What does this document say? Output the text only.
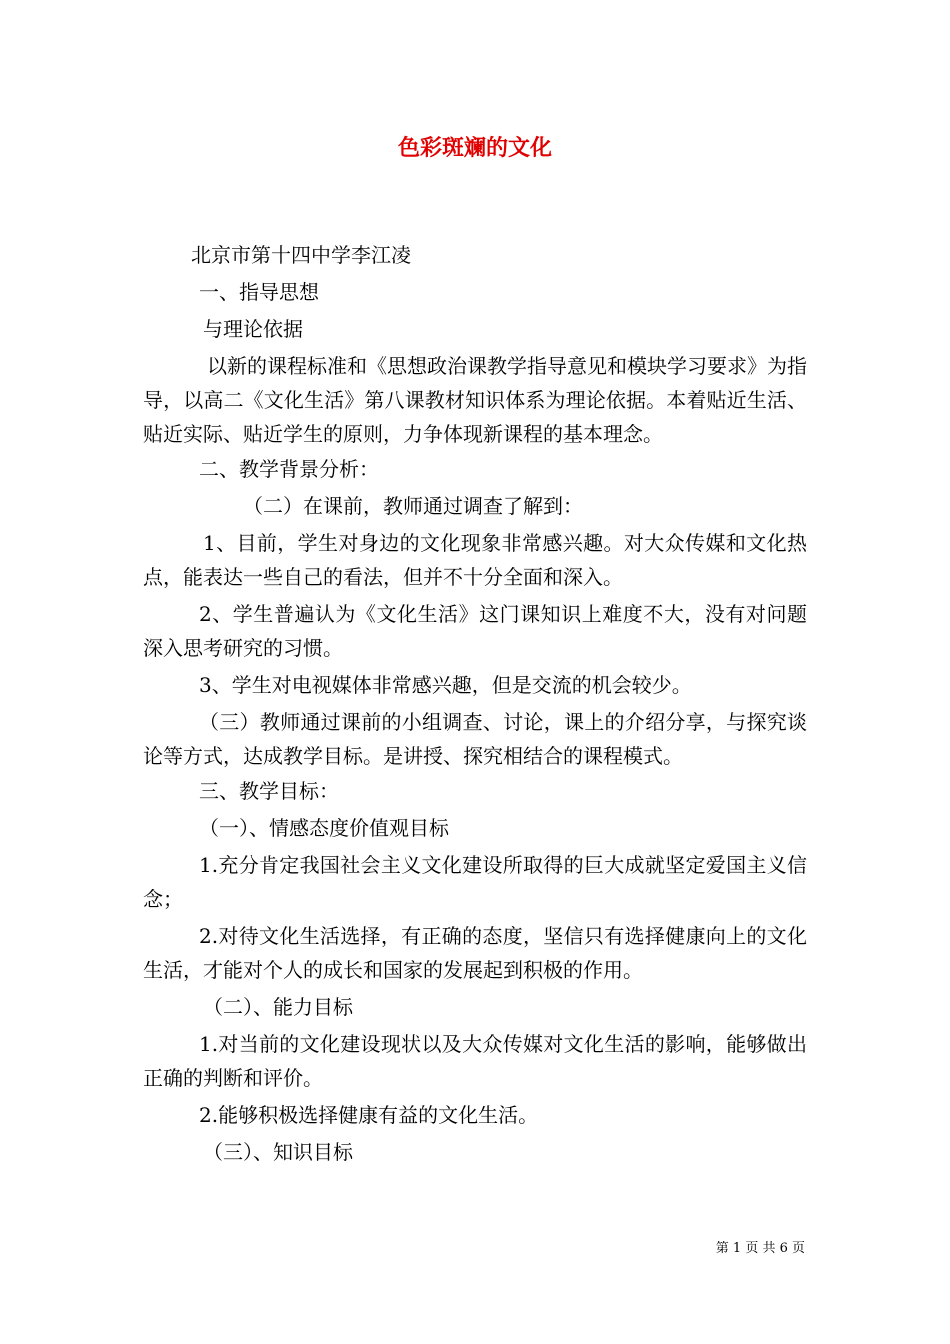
色彩斑斓的文化

北京市第十四中学李江凌

一、指导思想

与理论依据

以新的课程标准和《思想政治课教学指导意见和模块学习要求》为指导，以高二《文化生活》第八课教材知识体系为理论依据。本着贴近生活、贴近实际、贴近学生的原则，力争体现新课程的基本理念。

二、教学背景分析：

（二）在课前，教师通过调查了解到：

1、目前，学生对身边的文化现象非常感兴趣。对大众传媒和文化热点，能表达一些自己的看法，但并不十分全面和深入。

2、学生普遍认为《文化生活》这门课知识上难度不大，没有对问题深入思考研究的习惯。

3、学生对电视媒体非常感兴趣，但是交流的机会较少。

（三）教师通过课前的小组调查、讨论，课上的介绍分享，与探究谈论等方式，达成教学目标。是讲授、探究相结合的课程模式。

三、教学目标：

（一）、情感态度价值观目标

1.充分肯定我国社会主义文化建设所取得的巨大成就坚定爱国主义信念；

2.对待文化生活选择，有正确的态度，坚信只有选择健康向上的文化生活，才能对个人的成长和国家的发展起到积极的作用。

（二）、能力目标

1.对当前的文化建设现状以及大众传媒对文化生活的影响，能够做出正确的判断和评价。

2.能够积极选择健康有益的文化生活。

（三）、知识目标

第 1 页 共 6 页
